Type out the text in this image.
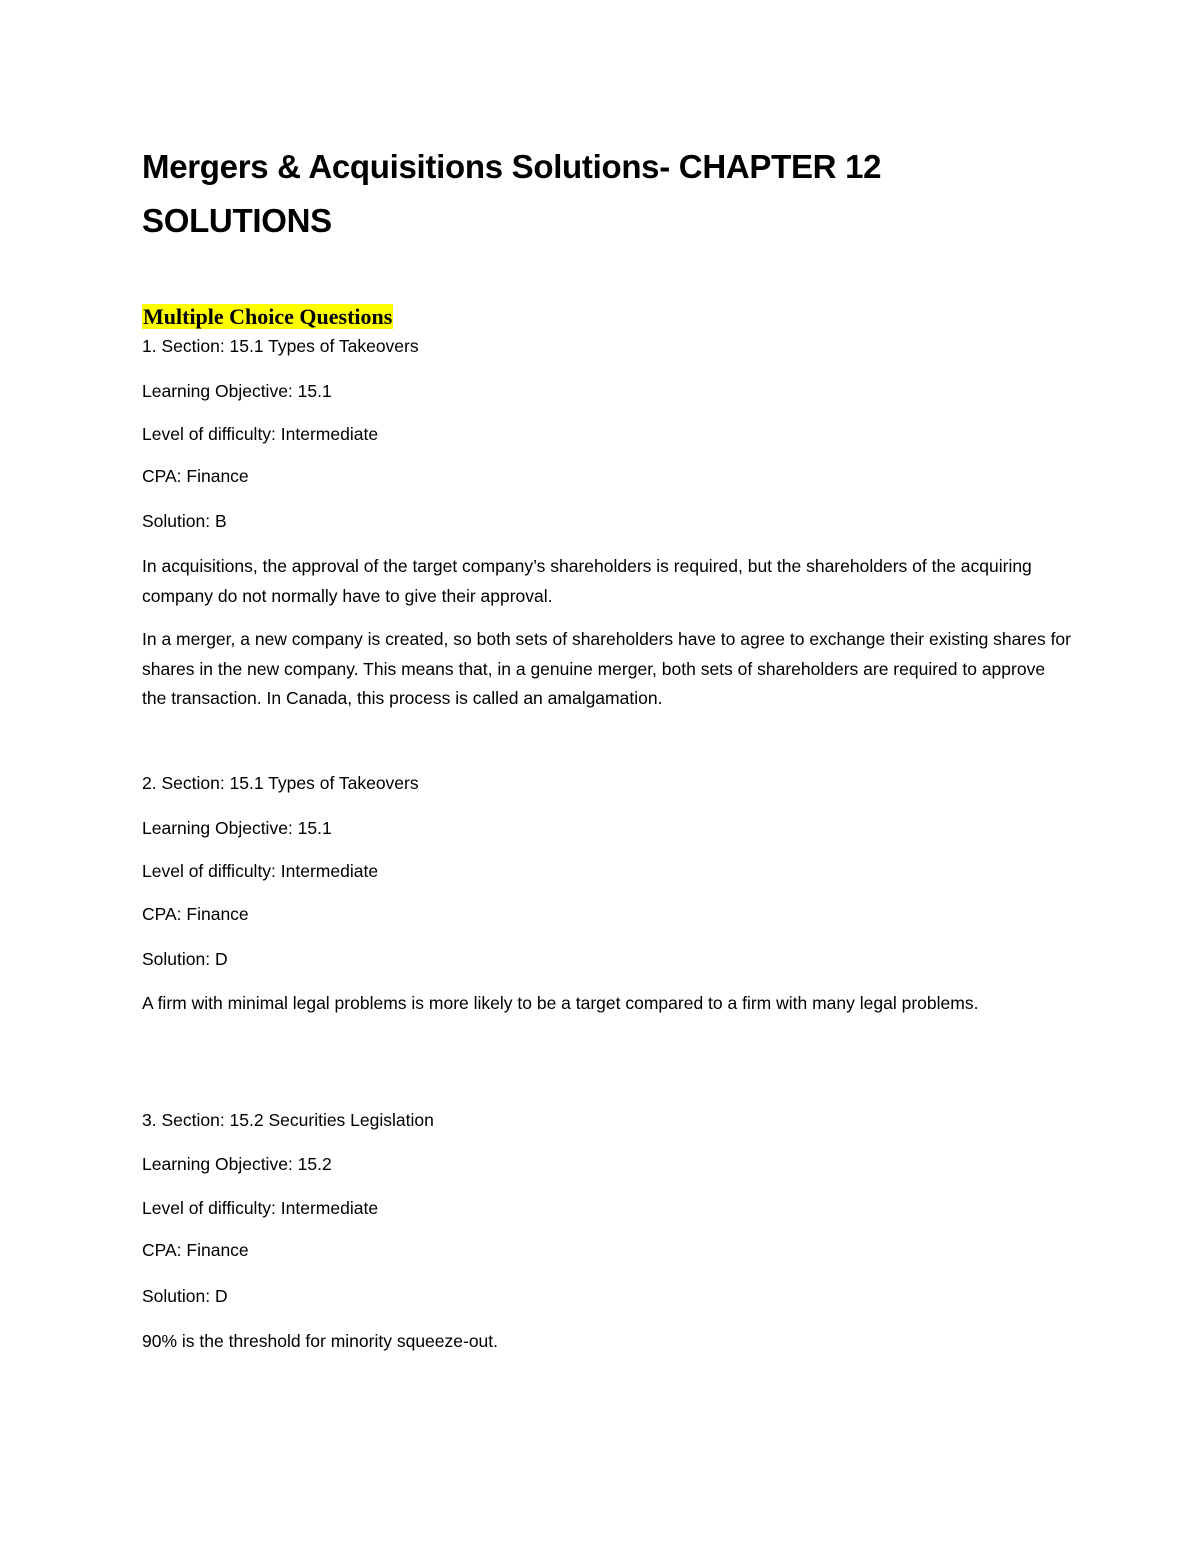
Mergers & Acquisitions Solutions- CHAPTER 12 SOLUTIONS
Multiple Choice Questions

1. Section: 15.1 Types of Takeovers

Learning Objective: 15.1

Level of difficulty: Intermediate

CPA: Finance

Solution: B

In acquisitions, the approval of the target company’s shareholders is required, but the shareholders of the acquiring company do not normally have to give their approval.

In a merger, a new company is created, so both sets of shareholders have to agree to exchange their existing shares for shares in the new company. This means that, in a genuine merger, both sets of shareholders are required to approve the transaction. In Canada, this process is called an amalgamation.

2. Section: 15.1 Types of Takeovers

Learning Objective: 15.1

Level of difficulty: Intermediate

CPA: Finance

Solution: D

A firm with minimal legal problems is more likely to be a target compared to a firm with many legal problems.

3. Section: 15.2 Securities Legislation

Learning Objective: 15.2

Level of difficulty: Intermediate

CPA: Finance

Solution: D

90% is the threshold for minority squeeze-out.
